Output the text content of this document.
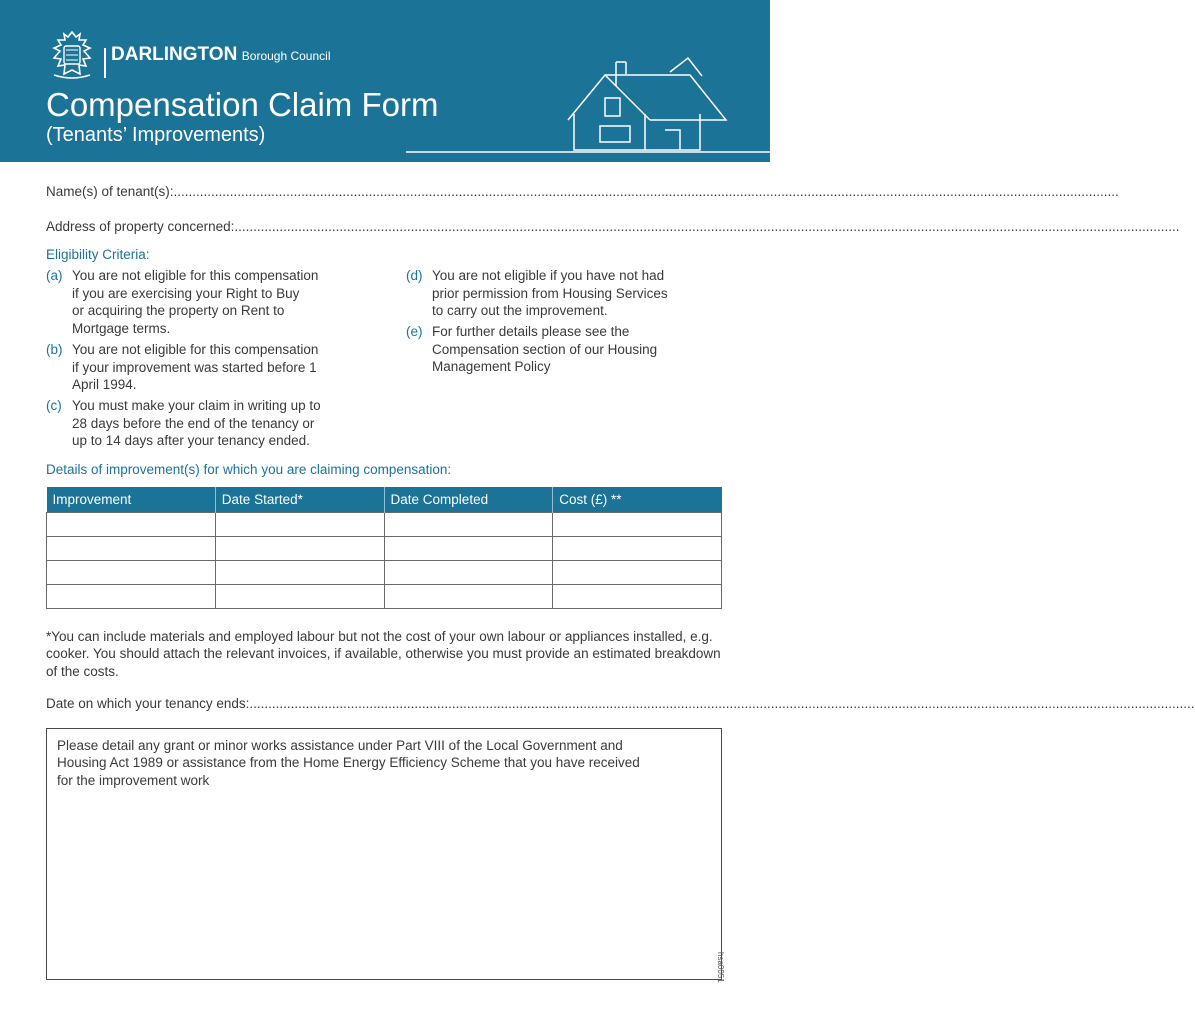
DARLINGTON Borough Council
Compensation Claim Form
(Tenants’ Improvements)
Name(s) of tenant(s):............................................................................................................................................................................................................................................................
Address of property concerned:............................................................................................................................................................................................................................................................
Eligibility Criteria:
(a) You are not eligible for this compensation
if you are exercising your Right to Buy
or acquiring the property on Rent to
Mortgage terms.
(b) You are not eligible for this compensation
if your improvement was started before 1
April 1994.
(c) You must make your claim in writing up to
28 days before the end of the tenancy or
up to 14 days after your tenancy ended.
(d) You are not eligible if you have not had
prior permission from Housing Services
to carry out the improvement.
(e) For further details please see the
Compensation section of our Housing
Management Policy
Details of improvement(s) for which you are claiming compensation:
Improvement	Date Started*	Date Completed	Cost (£) **

*You can include materials and employed labour but not the cost of your own labour or appliances installed, e.g. cooker. You should attach the relevant invoices, if available, otherwise you must provide an estimated breakdown of the costs.
Date on which your tenancy ends:............................................................................................................................................................................................................................................................
Please detail any grant or minor works assistance under Part VIII of the Local Government and
Housing Act 1989 or assistance from the Home Energy Efficiency Scheme that you have received
for the improvement work
hsa0051
